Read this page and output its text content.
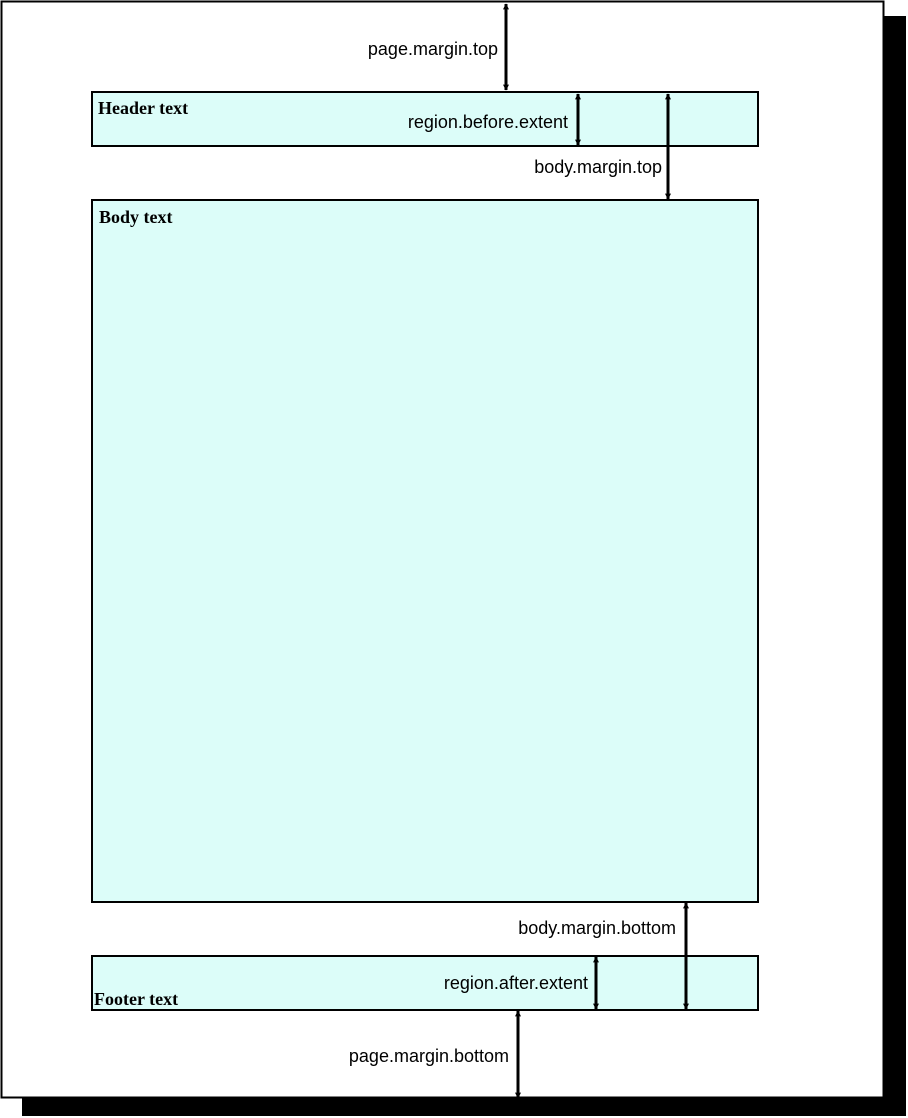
Header text
Body text
Footer text
page.margin.top
region.before.extent
body.margin.top
body.margin.bottom
region.after.extent
page.margin.bottom
